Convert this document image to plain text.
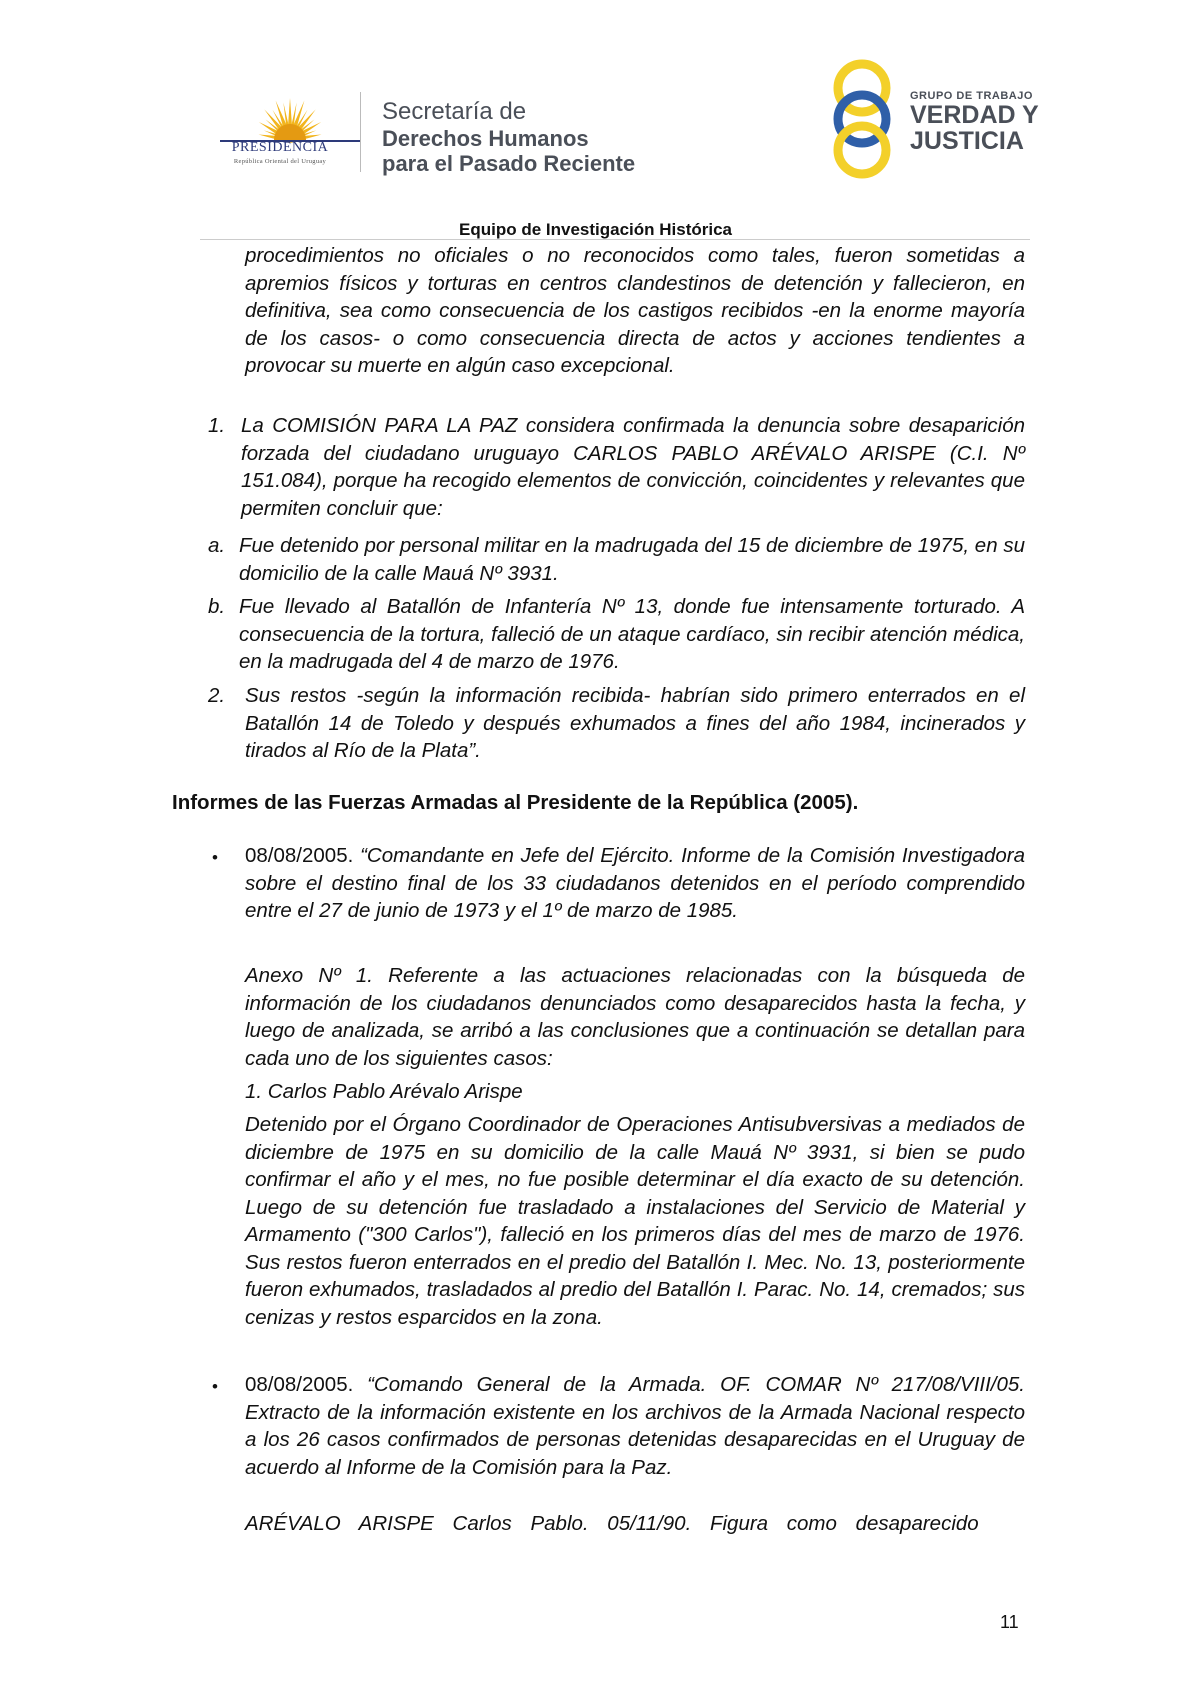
PRESIDENCIA
República Oriental del Uruguay
Secretaría de
Derechos Humanos
para el Pasado Reciente
GRUPO DE TRABAJO
VERDAD Y
JUSTICIA
Equipo de Investigación Histórica
procedimientos no oficiales o no reconocidos como tales, fueron sometidas a apremios físicos y torturas en centros clandestinos de detención y fallecieron, en definitiva, sea como consecuencia de los castigos recibidos -en la enorme mayoría de los casos- o como consecuencia directa de actos y acciones tendientes a provocar su muerte en algún caso excepcional.
1. La COMISIÓN PARA LA PAZ considera confirmada la denuncia sobre desaparición forzada del ciudadano uruguayo CARLOS PABLO ARÉVALO ARISPE (C.I. Nº 151.084), porque ha recogido elementos de convicción, coincidentes y relevantes que permiten concluir que:
a. Fue detenido por personal militar en la madrugada del 15 de diciembre de 1975, en su domicilio de la calle Mauá Nº 3931.
b. Fue llevado al Batallón de Infantería Nº 13, donde fue intensamente torturado. A consecuencia de la tortura, falleció de un ataque cardíaco, sin recibir atención médica, en la madrugada del 4 de marzo de 1976.
2. Sus restos -según la información recibida- habrían sido primero enterrados en el Batallón 14 de Toledo y después exhumados a fines del año 1984, incinerados y tirados al Río de la Plata”.
Informes de las Fuerzas Armadas al Presidente de la República (2005).
• 08/08/2005. “Comandante en Jefe del Ejército. Informe de la Comisión Investigadora sobre el destino final de los 33 ciudadanos detenidos en el período comprendido entre el 27 de junio de 1973 y el 1º de marzo de 1985.
Anexo Nº 1. Referente a las actuaciones relacionadas con la búsqueda de información de los ciudadanos denunciados como desaparecidos hasta la fecha, y luego de analizada, se arribó a las conclusiones que a continuación se detallan para cada uno de los siguientes casos:
1. Carlos Pablo Arévalo Arispe
Detenido por el Órgano Coordinador de Operaciones Antisubversivas a mediados de diciembre de 1975 en su domicilio de la calle Mauá Nº 3931, si bien se pudo confirmar el año y el mes, no fue posible determinar el día exacto de su detención. Luego de su detención fue trasladado a instalaciones del Servicio de Material y Armamento ("300 Carlos"), falleció en los primeros días del mes de marzo de 1976. Sus restos fueron enterrados en el predio del Batallón I. Mec. No. 13, posteriormente fueron exhumados, trasladados al predio del Batallón I. Parac. No. 14, cremados; sus cenizas y restos esparcidos en la zona.
• 08/08/2005. “Comando General de la Armada. OF. COMAR Nº 217/08/VIII/05. Extracto de la información existente en los archivos de la Armada Nacional respecto a los 26 casos confirmados de personas detenidas desaparecidas en el Uruguay de acuerdo al Informe de la Comisión para la Paz.
ARÉVALO ARISPE Carlos Pablo. 05/11/90. Figura como desaparecido
11
